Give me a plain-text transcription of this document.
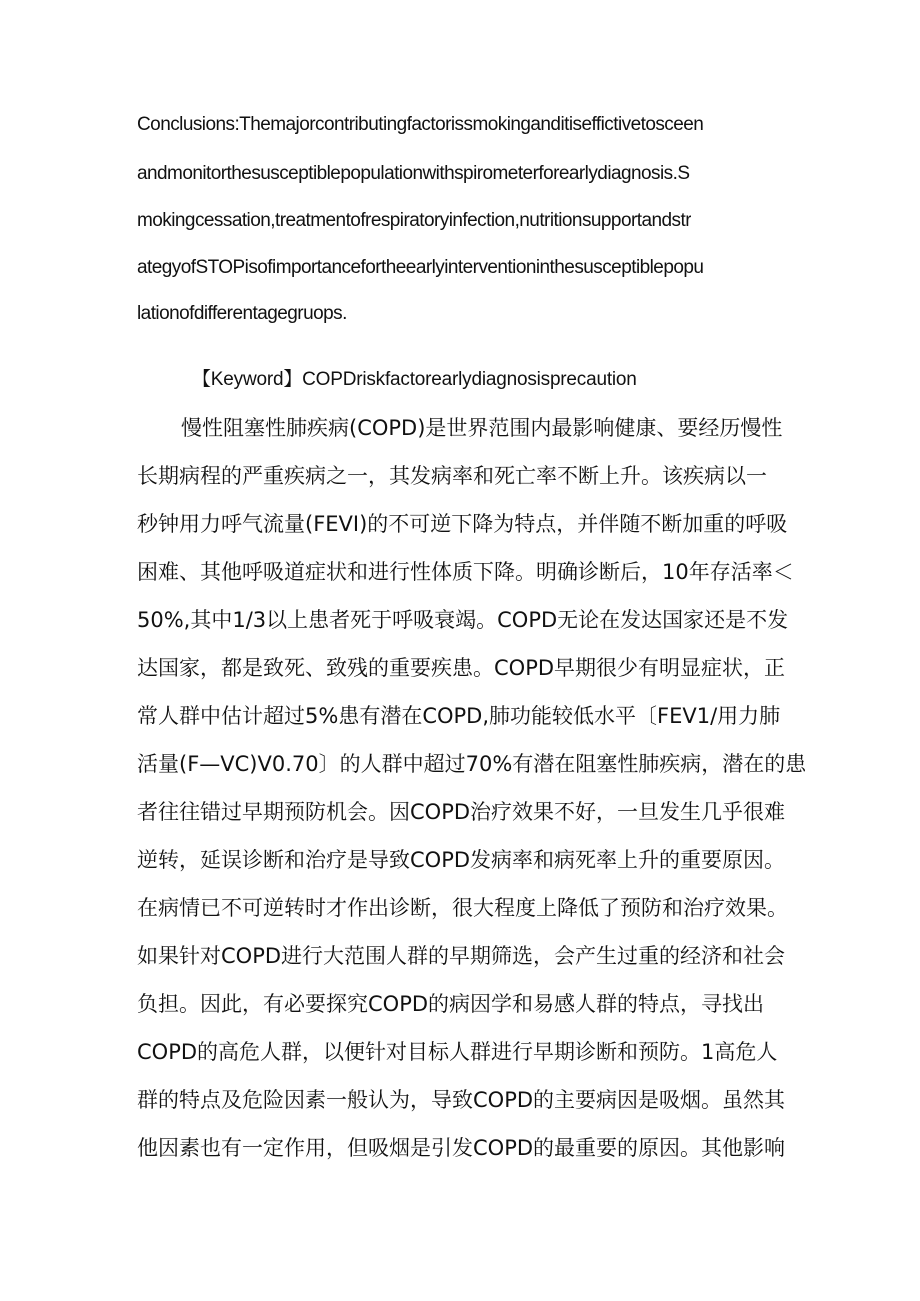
Conclusions:Themajorcontributingfactorissmokinganditiseffictivetosceen
andmonitorthesusceptiblepopulationwithspirometerforearlydiagnosis.S
mokingcessation,treatmentofrespiratoryinfection,nutritionsupportandstr
ategyofSTOPisofimportancefortheearlyinterventioninthesusceptiblepopu
lationofdifferentagegruops.
【Keyword】COPDriskfactorearlydiagnosisprecaution
慢性阻塞性肺疾病(COPD)是世界范围内最影响健康、要经历慢性
长期病程的严重疾病之一，其发病率和死亡率不断上升。该疾病以一
秒钟用力呼气流量(FEVI)的不可逆下降为特点，并伴随不断加重的呼吸
困难、其他呼吸道症状和进行性体质下降。明确诊断后，10年存活率＜
50%,其中1/3以上患者死于呼吸衰竭。COPD无论在发达国家还是不发
达国家，都是致死、致残的重要疾患。COPD早期很少有明显症状，正
常人群中估计超过5%患有潜在COPD,肺功能较低水平〔FEV1/用力肺
活量(F—VC)V0.70〕的人群中超过70%有潜在阻塞性肺疾病，潜在的患
者往往错过早期预防机会。因COPD治疗效果不好，一旦发生几乎很难
逆转，延误诊断和治疗是导致COPD发病率和病死率上升的重要原因。
在病情已不可逆转时才作出诊断，很大程度上降低了预防和治疗效果。
如果针对COPD进行大范围人群的早期筛选，会产生过重的经济和社会
负担。因此，有必要探究COPD的病因学和易感人群的特点，寻找出
COPD的高危人群，以便针对目标人群进行早期诊断和预防。1高危人
群的特点及危险因素一般认为，导致COPD的主要病因是吸烟。虽然其
他因素也有一定作用，但吸烟是引发COPD的最重要的原因。其他影响
